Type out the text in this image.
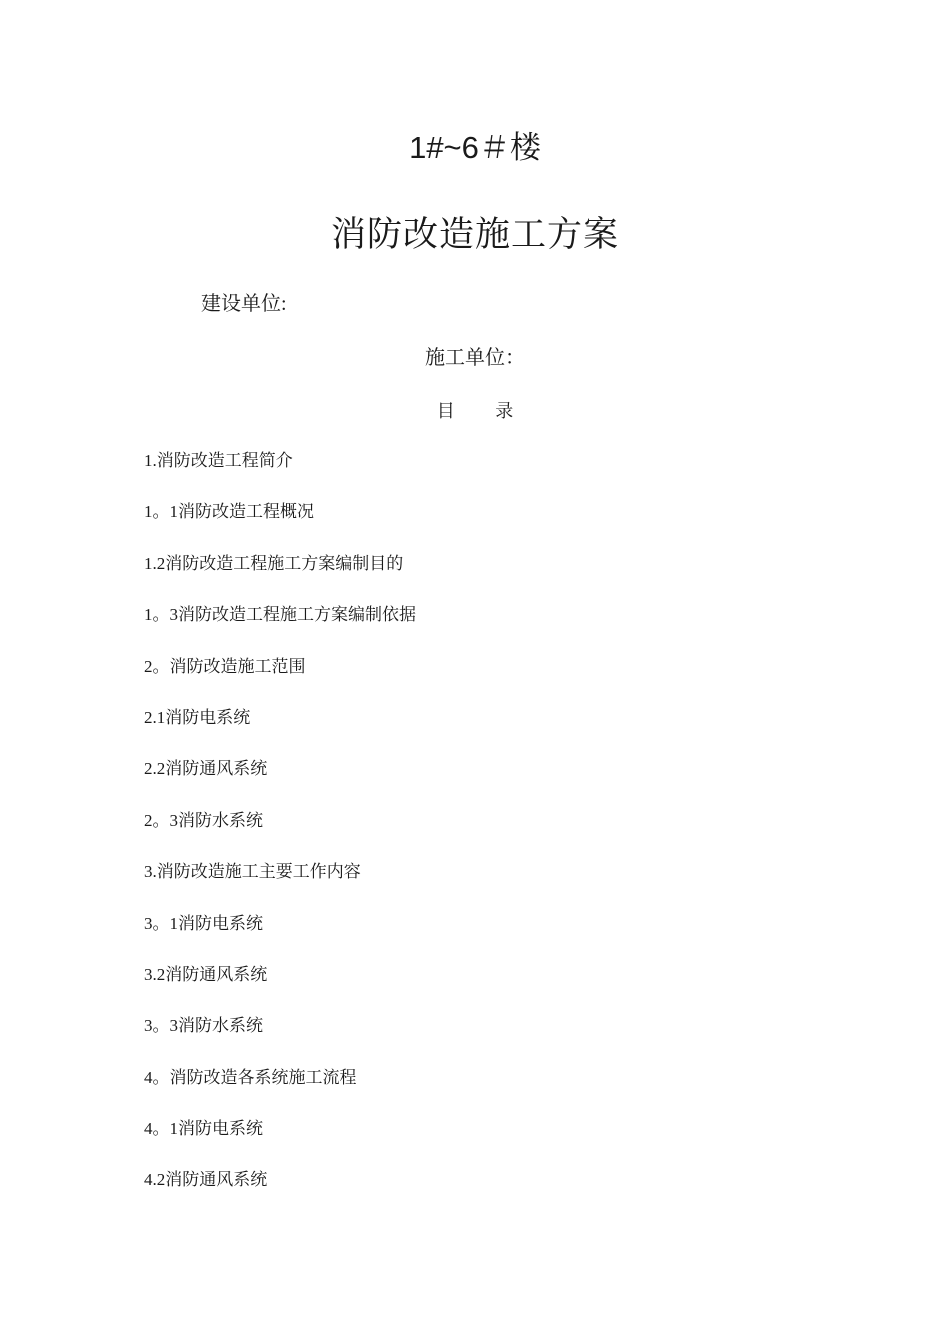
1#~6＃楼
消防改造施工方案
建设单位:
施工单位：
目 录
1.消防改造工程简介
1。1消防改造工程概况
1.2消防改造工程施工方案编制目的
1。3消防改造工程施工方案编制依据
2。消防改造施工范围
2.1消防电系统
2.2消防通风系统
2。3消防水系统
3.消防改造施工主要工作内容
3。1消防电系统
3.2消防通风系统
3。3消防水系统
4。消防改造各系统施工流程
4。1消防电系统
4.2消防通风系统
